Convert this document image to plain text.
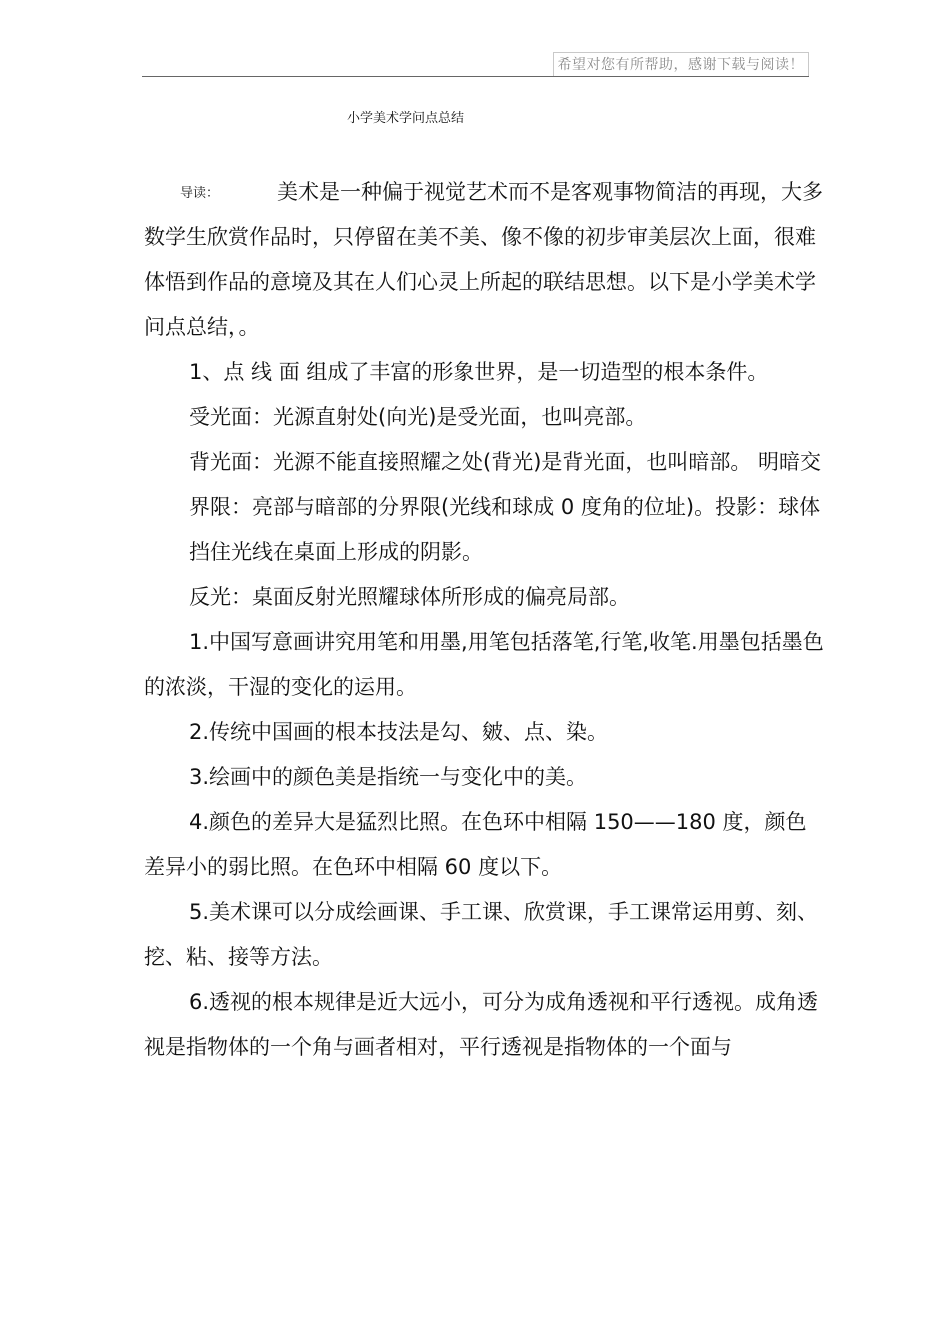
希望对您有所帮助，感谢下载与阅读！
小学美术学问点总结
导读：	美术是一种偏于视觉艺术而不是客观事物简洁的再现，大多数学生欣赏作品时，只停留在美不美、像不像的初步审美层次上面，很难体悟到作品的意境及其在人们心灵上所起的联结思想。以下是小学美术学问点总结，。

1、点 线 面 组成了丰富的形象世界，是一切造型的根本条件。

受光面：光源直射处(向光)是受光面，也叫亮部。

背光面：光源不能直接照耀之处(背光)是背光面，也叫暗部。 明暗交界限：亮部与暗部的分界限(光线和球成 0 度角的位址)。投影：球体挡住光线在桌面上形成的阴影。

反光：桌面反射光照耀球体所形成的偏亮局部。

1.中国写意画讲究用笔和用墨,用笔包括落笔,行笔,收笔.用墨包括墨色的浓淡，干湿的变化的运用。

2.传统中国画的根本技法是勾、皴、点、染。

3.绘画中的颜色美是指统一与变化中的美。

4.颜色的差异大是猛烈比照。在色环中相隔 150——180 度，颜色差异小的弱比照。在色环中相隔 60 度以下。

5.美术课可以分成绘画课、手工课、欣赏课，手工课常运用剪、刻、挖、粘、接等方法。

6.透视的根本规律是近大远小，可分为成角透视和平行透视。成角透视是指物体的一个角与画者相对，平行透视是指物体的一个面与
